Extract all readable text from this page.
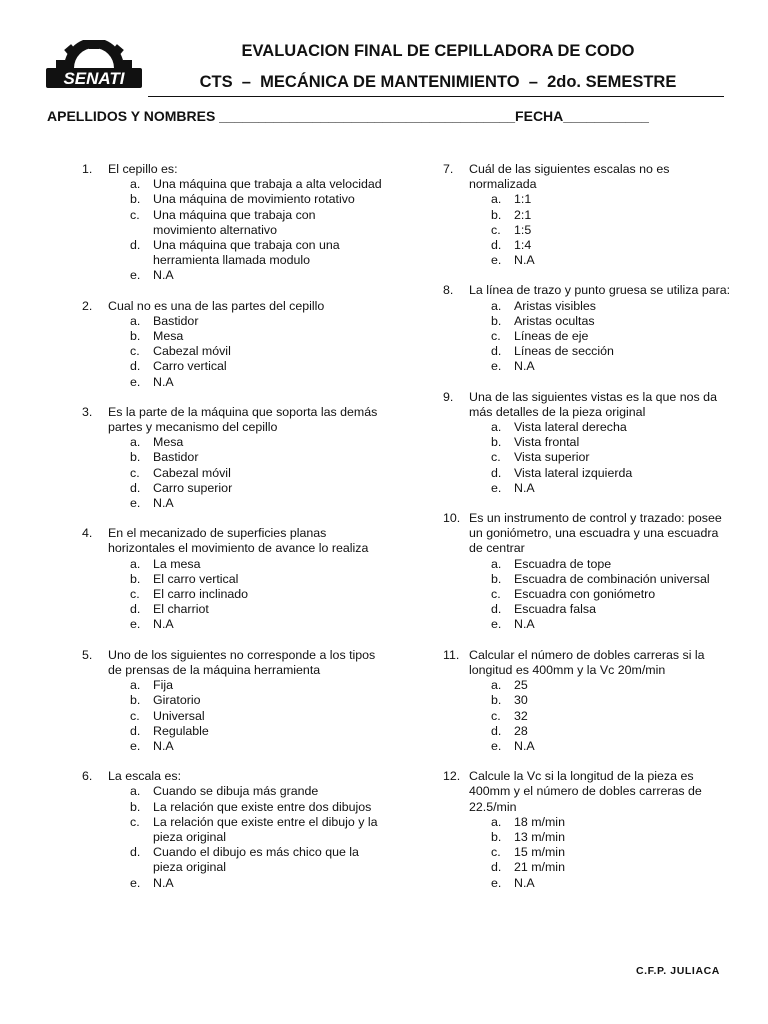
SENATI
EVALUACION FINAL DE CEPILLADORA DE CODO
CTS  –  MECÁNICA DE MANTENIMIENTO  –  2do. SEMESTRE
APELLIDOS Y NOMBRES ______________________________________FECHA___________
1. El cepillo es:
a. Una máquina que trabaja a alta velocidad
b. Una máquina de movimiento rotativo
c. Una máquina que trabaja con movimiento alternativo
d. Una máquina que trabaja con una herramienta llamada modulo
e. N.A
2. Cual no es una de las partes del cepillo
a. Bastidor
b. Mesa
c. Cabezal móvil
d. Carro vertical
e. N.A
3. Es la parte de la máquina que soporta las demás partes y mecanismo del cepillo
a. Mesa
b. Bastidor
c. Cabezal móvil
d. Carro superior
e. N.A
4. En el mecanizado de superficies planas horizontales el movimiento de avance lo realiza
a. La mesa
b. El carro vertical
c. El carro inclinado
d. El charriot
e. N.A
5. Uno de los siguientes no corresponde a los tipos de prensas de la máquina herramienta
a. Fija
b. Giratorio
c. Universal
d. Regulable
e. N.A
6. La escala es:
a. Cuando se dibuja más grande
b. La relación que existe entre dos dibujos
c. La relación que existe entre el dibujo y la pieza original
d. Cuando el dibujo es más chico que la pieza original
e. N.A
7. Cuál de las siguientes escalas no es normalizada
a. 1:1
b. 2:1
c. 1:5
d. 1:4
e. N.A
8. La línea de trazo y punto gruesa se utiliza para:
a. Aristas visibles
b. Aristas ocultas
c. Líneas de eje
d. Líneas de sección
e. N.A
9. Una de las siguientes vistas es la que nos da más detalles de la pieza original
a. Vista lateral derecha
b. Vista frontal
c. Vista superior
d. Vista lateral izquierda
e. N.A
10. Es un instrumento de control y trazado: posee un goniómetro, una escuadra y una escuadra de centrar
a. Escuadra de tope
b. Escuadra de combinación universal
c. Escuadra con goniómetro
d. Escuadra falsa
e. N.A
11. Calcular el número de dobles carreras si la longitud es 400mm y la Vc 20m/min
a. 25
b. 30
c. 32
d. 28
e. N.A
12. Calcule la Vc si la longitud de la pieza es 400mm y el número de dobles carreras de 22.5/min
a. 18 m/min
b. 13 m/min
c. 15 m/min
d. 21 m/min
e. N.A
C.F.P. JULIACA
